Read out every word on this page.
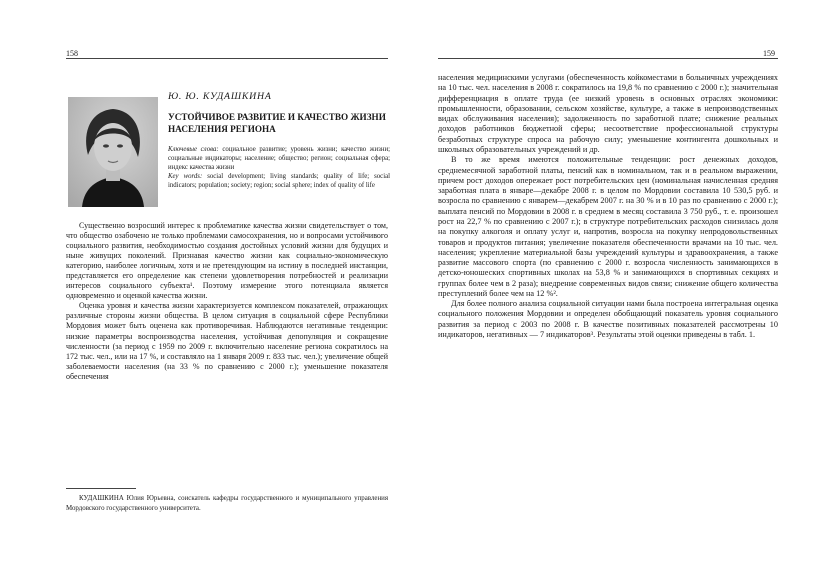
158

Ю. Ю. КУДАШКИНА

УСТОЙЧИВОЕ РАЗВИТИЕ И КАЧЕСТВО ЖИЗНИ НАСЕЛЕНИЯ РЕГИОНА
Ключевые слова: социальное развитие; уровень жизни; качество жизни; социальные индикаторы; население; общество; регион; социальная сфера; индекс качества жизни
Key words: social development; living standards; quality of life; social indicators; population; society; region; social sphere; index of quality of life

Существенно возросший интерес к проблематике качества жизни свидетельствует о том, что общество озабочено не только проблемами самосохранения, но и вопросами устойчивого социального развития, необходимостью создания достойных условий жизни для будущих и ныне живущих поколений. Признавая качество жизни как социально-экономическую категорию, наиболее логичным, хотя и не претендующим на истину в последней инстанции, представляется его определение как степени удовлетворения потребностей и реализации интересов социального субъекта¹. Поэтому измерение этого потенциала является одновременно и оценкой качества жизни.

Оценка уровня и качества жизни характеризуется комплексом показателей, отражающих различные стороны жизни общества. В целом ситуация в социальной сфере Республики Мордовия может быть оценена как противоречивая. Наблюдаются негативные тенденции: низкие параметры воспроизводства населения, устойчивая депопуляция и сокращение численности (за период с 1959 по 2009 г. включительно население региона сократилось на 172 тыс. чел., или на 17 %, и составляло на 1 января 2009 г. 833 тыс. чел.); увеличение общей заболеваемости населения (на 33 % по сравнению с 2000 г.); уменьшение показателя обеспечения

КУДАШКИНА Юлия Юрьевна, соискатель кафедры государственного и муниципального управления Мордовского государственного университета.

159

населения медицинскими услугами (обеспеченность койкоместами в больничных учреждениях на 10 тыс. чел. населения в 2008 г. сократилось на 19,8 % по сравнению с 2000 г.); значительная дифференциация в оплате труда (ее низкий уровень в основных отраслях экономики: промышленности, образовании, сельском хозяйстве, культуре, а также в непроизводственных видах обслуживания населения); задолженность по заработной плате; снижение реальных доходов работников бюджетной сферы; несоответствие профессиональной структуры безработных структуре спроса на рабочую силу; уменьшение контингента дошкольных и школьных образовательных учреждений и др.

В то же время имеются положительные тенденции: рост денежных доходов, среднемесячной заработной платы, пенсий как в номинальном, так и в реальном выражении, причем рост доходов опережает рост потребительских цен (номинальная начисленная средняя заработная плата в январе—декабре 2008 г. в целом по Мордовии составила 10 530,5 руб. и возросла по сравнению с январем—декабрем 2007 г. на 30 % и в 10 раз по сравнению с 2000 г.); выплата пенсий по Мордовии в 2008 г. в среднем в месяц составила 3 750 руб., т. е. произошел рост на 22,7 % по сравнению с 2007 г.); в структуре потребительских расходов снизилась доля на покупку алкоголя и оплату услуг и, напротив, возросла на покупку непродовольственных товаров и продуктов питания; увеличение показателя обеспеченности врачами на 10 тыс. чел. населения; укрепление материальной базы учреждений культуры и здравоохранения, а также развитие массового спорта (по сравнению с 2000 г. возросла численность занимающихся в детско-юношеских спортивных школах на 53,8 % и занимающихся в спортивных секциях и группах более чем в 2 раза); внедрение современных видов связи; снижение общего количества преступлений более чем на 12 %².

Для более полного анализа социальной ситуации нами была построена интегральная оценка социального положения Мордовии и определен обобщающий показатель уровня социального развития за период с 2003 по 2008 г. В качестве позитивных показателей рассмотрены 10 индикаторов, негативных — 7 индикаторов³. Результаты этой оценки приведены в табл. 1.
